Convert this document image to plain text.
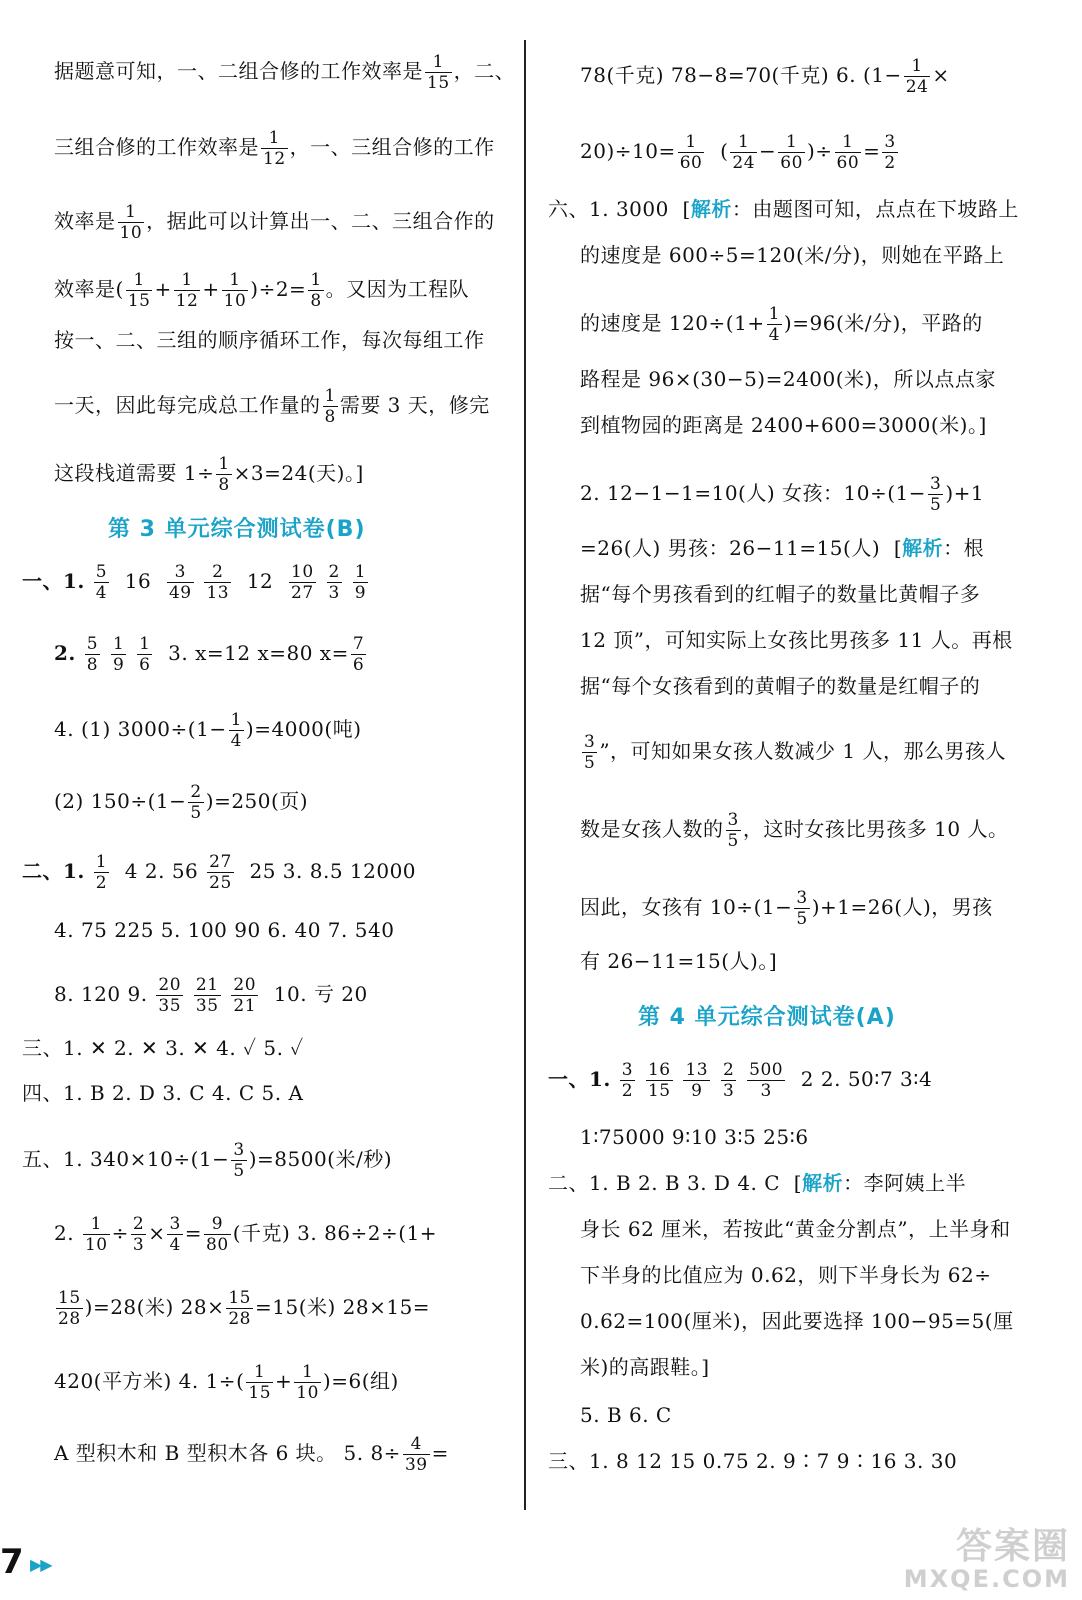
据题意可知，一、二组合修的工作效率是 $\frac{1}{15}$ ，二、
三组合修的工作效率是 $\frac{1}{12}$ ，一、三组合修的工作
效率是 $\frac{1}{10}$ ，据此可以计算出一、二、三组合作的
效率是( $\frac{1}{15} + \frac{1}{12} + \frac{1}{10} )\div 2= \frac{1}{8}$ 。又因为工程队
按一、二、三组的顺序循环工作，每次每组工作
一天，因此每完成总工作量的 $\frac{1}{8}$ 需要 3 天，修完
这段栈道需要 $1\div \frac{1}{8} \times 3=24$(天)。]
第 3 单元综合测试卷(B)
一、1. $\frac{5}{4} 16 \frac{3}{49}$
$\frac{2}{13} 12 \frac{10}{27}$
$\frac{2}{3}$
$\frac{1}{9}$
2. $\frac{5}{8}$
$\frac{1}{9}$
$\frac{1}{6} 3$. x=12 x=80 $x= \frac{7}{6}$
4. (1) $3000\div(1- \frac{1}{4} )=4000$(吨)
(2) $150\div(1- \frac{2}{5} )=250$(页)
二、1. $\frac{1}{2} 4$ 2. $56 \frac{27}{25} 25$ 3. 8.5 12000
4. 75 225 5. 100 90 6. 40 7. 540
8. 120 9. $\frac{20}{35}$
$\frac{21}{35}$
$\frac{20}{21} 10$. 亏 20
三、1. ✕ 2. ✕ 3. ✕ 4. ✓ 5. ✓
四、1. B 2. D 3. C 4. C 5. A
五、1. $340\times 10\div(1- \frac{3}{5} )=8500$(米/秒)
2. $\frac{1}{10} \div \frac{2}{3} \times \frac{3}{4} = \frac{9}{80}$ (千克) 3. 86÷2÷(1+
$\frac{15}{28} )=28$(米) $28\times \frac{15}{28} =15$(米) 28×15=
420(平方米) 4. $1\div( \frac{1}{15} + \frac{1}{10} )=6$(组)
A 型积木和 B 型积木各 6 块。 5. $8\div \frac{4}{39}$ =
78(千克) 78−8=70(千克) 6. ($1- \frac{1}{24}$ ×
$20)\div 10= \frac{1}{60}$ ( $\frac{1}{24} - \frac{1}{60}$ )÷ $\frac{1}{60} = \frac{3}{2}$
六、1. 3000  [解析：由题图可知，点点在下坡路上
的速度是 600÷5=120(米/分)，则她在平路上
的速度是 $120\div(1+ \frac{1}{4} )=96$(米/分)，平路的
路程是 96×(30−5)=2400(米)，所以点点家
到植物园的距离是 2400+600=3000(米)。]
2. 12−1−1=10(人) 女孩：$10\div(1- \frac{3}{5} )+1$
=26(人) 男孩：26−11=15(人)  [解析：根
据“每个男孩看到的红帽子的数量比黄帽子多
12 顶”，可知实际上女孩比男孩多 11 人。再根
据“每个女孩看到的黄帽子的数量是红帽子的
$\frac{3}{5}$ ”，可知如果女孩人数减少 1 人，那么男孩人
数是女孩人数的 $\frac{3}{5}$ ，这时女孩比男孩多 10 人。
因此，女孩有 $10\div(1- \frac{3}{5} )+1=26$(人)，男孩
有 26−11=15(人)。]
第 4 单元综合测试卷(A)
一、1. $\frac{3}{2}$
$\frac{16}{15}$
$\frac{13}{9}$
$\frac{2}{3}$
$\frac{500}{3} 2$ 2. 50∶7 3∶4
1∶75000 9∶10 3∶5 25∶6
二、1. B 2. B 3. D 4. C  [解析：李阿姨上半
身长 62 厘米，若按此“黄金分割点”，上半身和
下半身的比值应为 0.62，则下半身长为 62÷
0.62=100(厘米)，因此要选择 100−95=5(厘
米)的高跟鞋。]
5. B 6. C
三、1. 8 12 15 0.75 2. 9∶7 9∶16 3. 30
7 ▶▶	答案圈
MXQE.COM
